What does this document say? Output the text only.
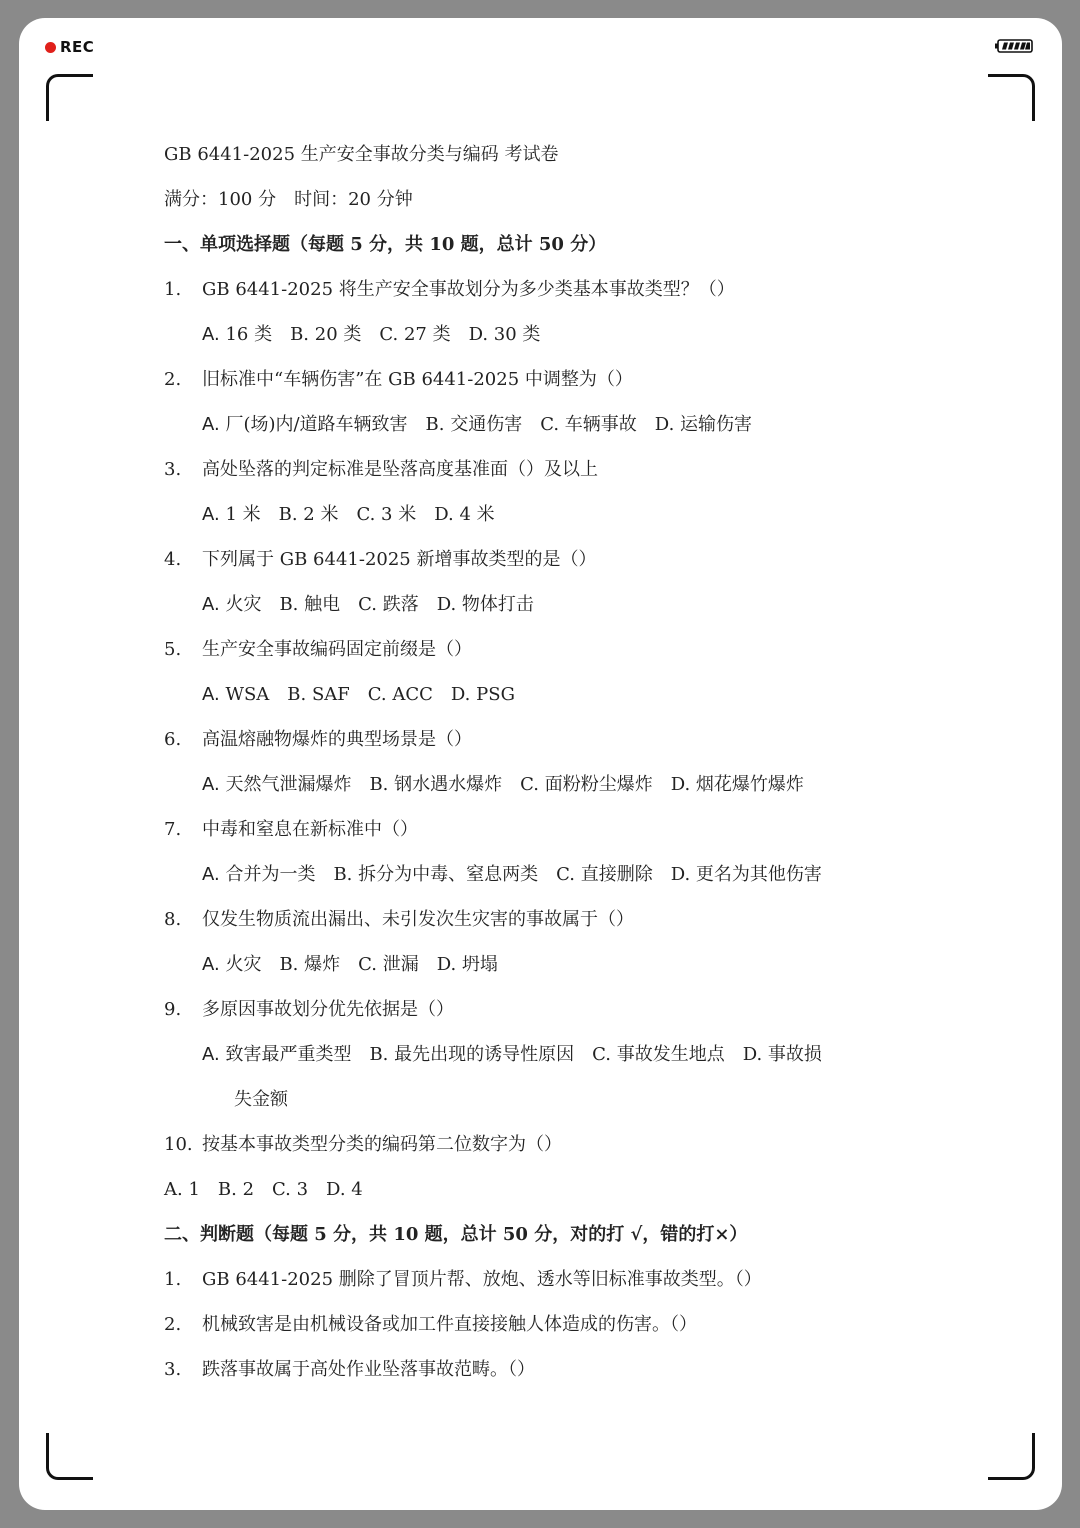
REC
GB 6441-2025 生产安全事故分类与编码 考试卷
满分：100 分　时间：20 分钟
一、单项选择题（每题 5 分，共 10 题，总计 50 分）
1. GB 6441-2025 将生产安全事故划分为多少类基本事故类型？（）
A. 16 类　B. 20 类　C. 27 类　D. 30 类
2. 旧标准中“车辆伤害”在 GB 6441-2025 中调整为（）
A. 厂(场)内/道路车辆致害　B. 交通伤害　C. 车辆事故　D. 运输伤害
3. 高处坠落的判定标准是坠落高度基准面（）及以上
A. 1 米　B. 2 米　C. 3 米　D. 4 米
4. 下列属于 GB 6441-2025 新增事故类型的是（）
A. 火灾　B. 触电　C. 跌落　D. 物体打击
5. 生产安全事故编码固定前缀是（）
A. WSA　B. SAF　C. ACC　D. PSG
6. 高温熔融物爆炸的典型场景是（）
A. 天然气泄漏爆炸　B. 钢水遇水爆炸　C. 面粉粉尘爆炸　D. 烟花爆竹爆炸
7. 中毒和窒息在新标准中（）
A. 合并为一类　B. 拆分为中毒、窒息两类　C. 直接删除　D. 更名为其他伤害
8. 仅发生物质流出漏出、未引发次生灾害的事故属于（）
A. 火灾　B. 爆炸　C. 泄漏　D. 坍塌
9. 多原因事故划分优先依据是（）
A. 致害最严重类型　B. 最先出现的诱导性原因　C. 事故发生地点　D. 事故损
失金额
10. 按基本事故类型分类的编码第二位数字为（）
A. 1　B. 2　C. 3　D. 4
二、判断题（每题 5 分，共 10 题，总计 50 分，对的打 √，错的打×）
1. GB 6441-2025 删除了冒顶片帮、放炮、透水等旧标准事故类型。（）
2. 机械致害是由机械设备或加工件直接接触人体造成的伤害。（）
3. 跌落事故属于高处作业坠落事故范畴。（）
